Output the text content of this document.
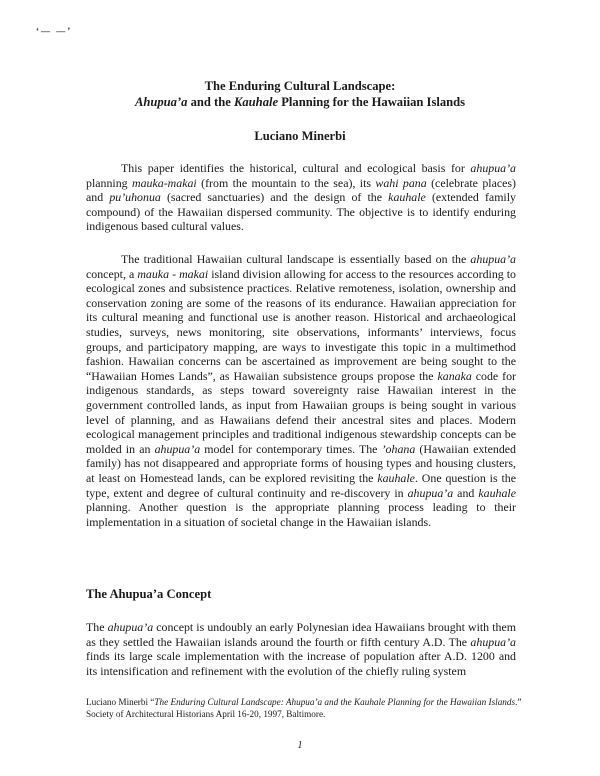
‘— —’
The Enduring Cultural Landscape:
Ahupua’a and the Kauhale Planning for the Hawaiian Islands
Luciano Minerbi

This paper identifies the historical, cultural and ecological basis for ahupua’a planning mauka-makai (from the mountain to the sea), its wahi pana (celebrate places) and pu’uhonua (sacred sanctuaries) and the design of the kauhale (extended family compound) of the Hawaiian dispersed community. The objective is to identify enduring indigenous based cultural values.

The traditional Hawaiian cultural landscape is essentially based on the ahupua’a concept, a mauka - makai island division allowing for access to the resources according to ecological zones and subsistence practices. Relative remoteness, isolation, ownership and conservation zoning are some of the reasons of its endurance. Hawaiian appreciation for its cultural meaning and functional use is another reason. Historical and archaeological studies, surveys, news monitoring, site observations, informants’ interviews, focus groups, and participatory mapping, are ways to investigate this topic in a multimethod fashion. Hawaiian concerns can be ascertained as improvement are being sought to the “Hawaiian Homes Lands”, as Hawaiian subsistence groups propose the kanaka code for indigenous standards, as steps toward sovereignty raise Hawaiian interest in the government controlled lands, as input from Hawaiian groups is being sought in various level of planning, and as Hawaiians defend their ancestral sites and places. Modern ecological management principles and traditional indigenous stewardship concepts can be molded in an ahupua’a model for contemporary times. The ’ohana (Hawaiian extended family) has not disappeared and appropriate forms of housing types and housing clusters, at least on Homestead lands, can be explored revisiting the kauhale. One question is the type, extent and degree of cultural continuity and re-discovery in ahupua’a and kauhale planning. Another question is the appropriate planning process leading to their implementation in a situation of societal change in the Hawaiian islands.

The Ahupua’a Concept

The ahupua’a concept is undoubly an early Polynesian idea Hawaiians brought with them as they settled the Hawaiian islands around the fourth or fifth century A.D. The ahupua’a finds its large scale implementation with the increase of population after A.D. 1200 and its intensification and refinement with the evolution of the chiefly ruling system

Luciano Minerbi “The Enduring Cultural Landscape: Ahupua’a and the Kauhale Planning for the Hawaiian Islands.” Society of Architectural Historians April 16-20, 1997, Baltimore.
1
